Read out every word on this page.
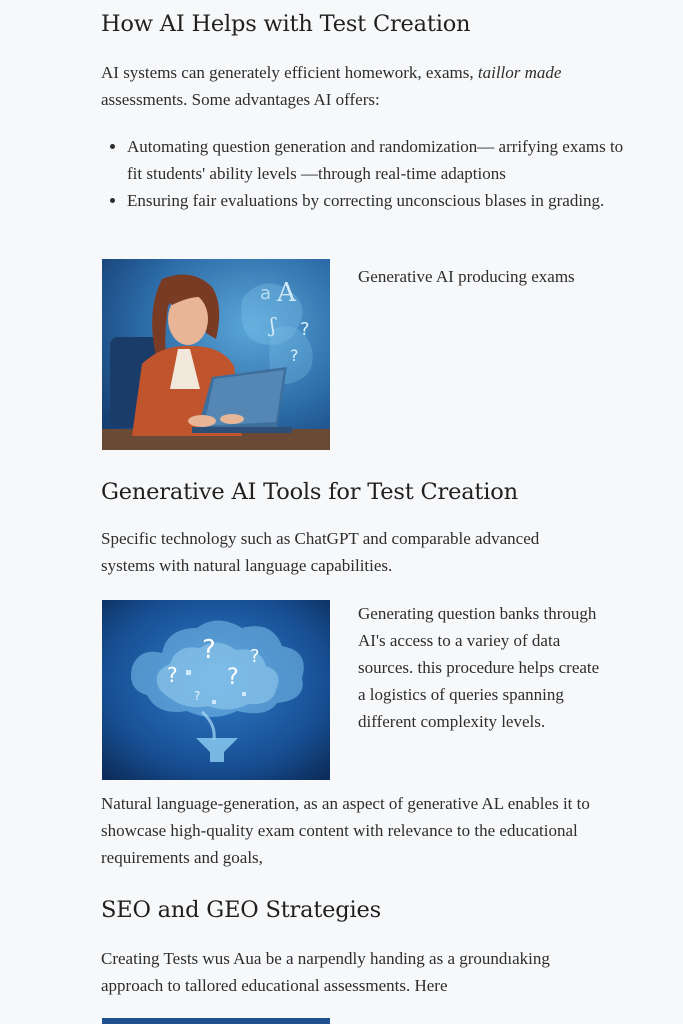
How AI Helps with Test Creation

AI systems can generately efficient homework, exams, taillor made
assessments. Some advantages AI offers:

• Automating question generation and randomization— arrifying exams to fit students' ability levels —through real-time adaptions
• Ensuring fair evaluations by correcting unconscious blases in grading.
A
a
ʃ ?
?
Generative AI producing exams
Generative AI Tools for Test Creation

Specific technology such as ChatGPT and comparable advanced systems with natural language capabilities.

?
? ?
?
?
Generating question banks through AI's access to a variey of data sources. this procedure helps create a logistics of queries spanning different complexity levels.

Natural language-generation, as an aspect of generative AL enables it to showcase high-quality exam content with relevance to the educational requirements and goals,

SEO and GEO Strategies

Creating Tests wus Aua be a narpendly handing as a groundıaking approach to tallored educational assessments. Here
